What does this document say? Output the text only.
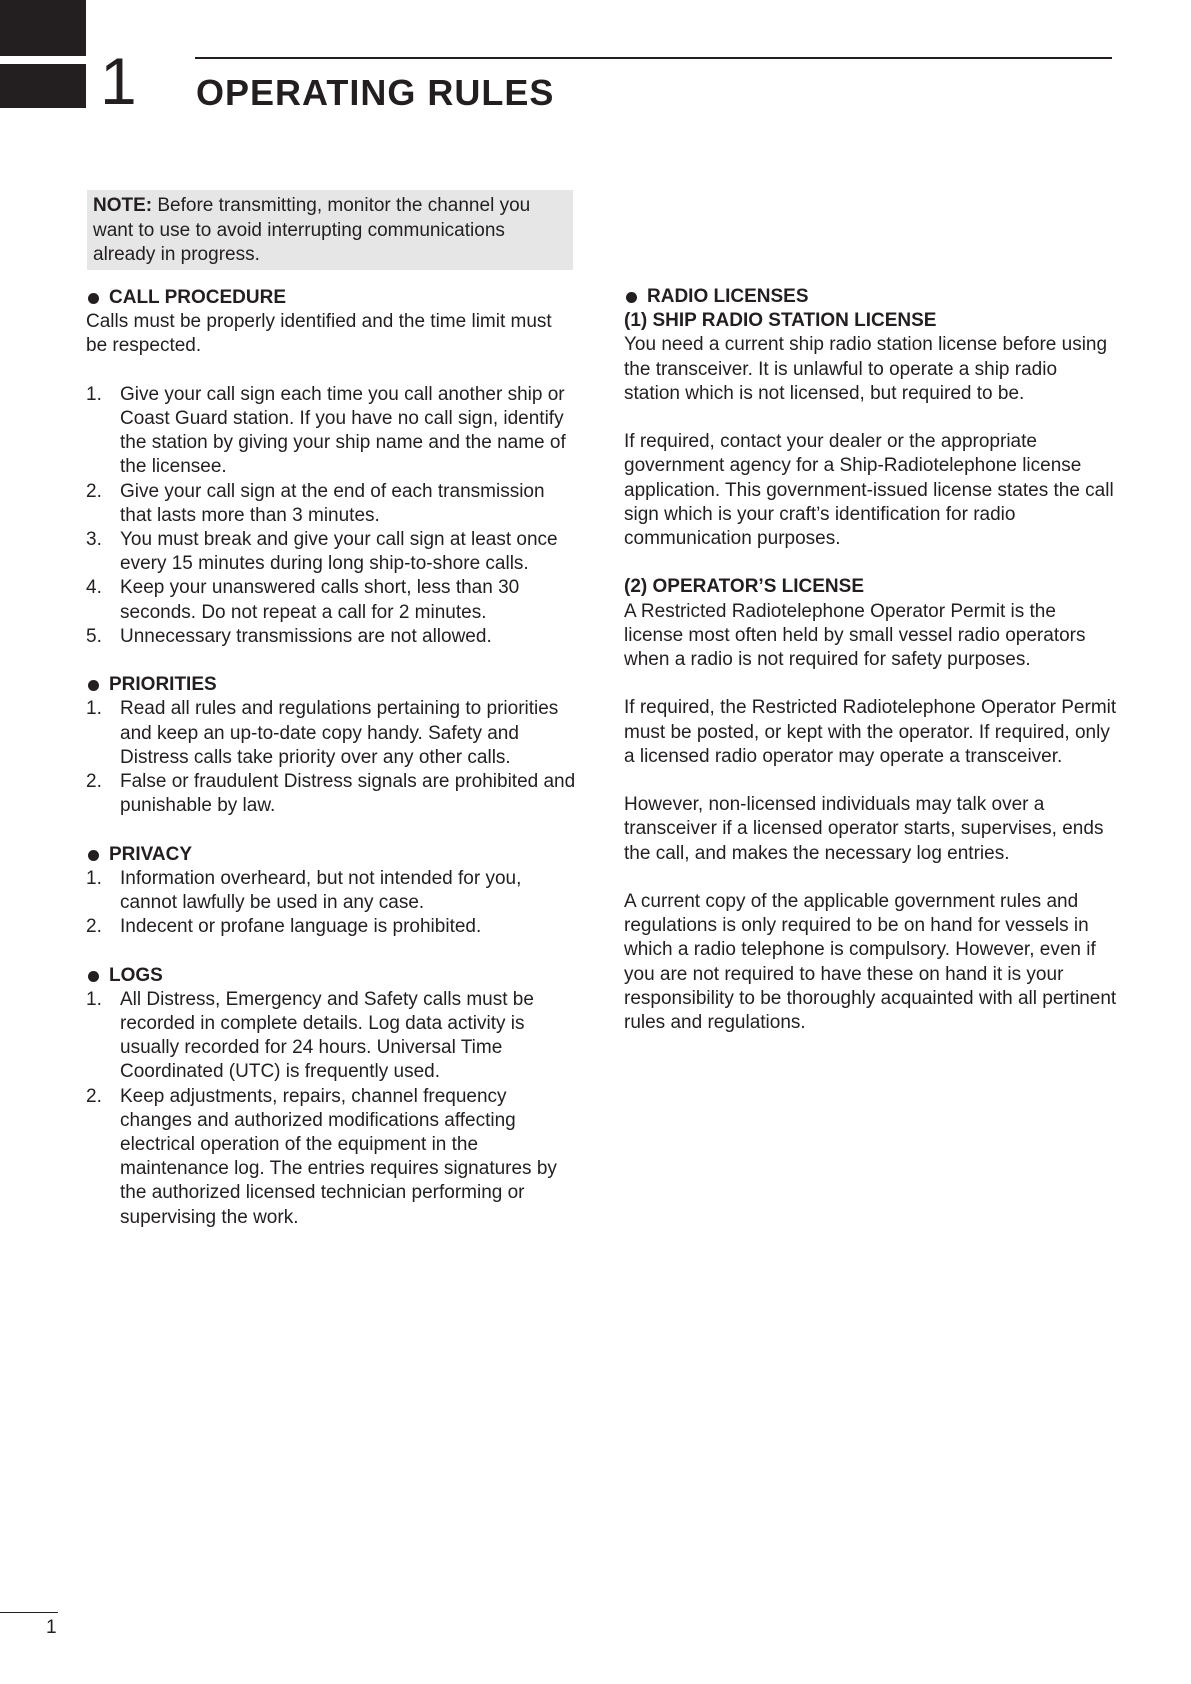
1 OPERATING RULES
NOTE: Before transmitting, monitor the channel you want to use to avoid interrupting communications already in progress.
CALL PROCEDURE

Calls must be properly identified and the time limit must be respected.

1. Give your call sign each time you call another ship or Coast Guard station. If you have no call sign, identify the station by giving your ship name and the name of the licensee.
2. Give your call sign at the end of each transmission that lasts more than 3 minutes.
3. You must break and give your call sign at least once every 15 minutes during long ship-to-shore calls.
4. Keep your unanswered calls short, less than 30 seconds. Do not repeat a call for 2 minutes.
5. Unnecessary transmissions are not allowed.
PRIORITIES
1. Read all rules and regulations pertaining to priorities and keep an up-to-date copy handy. Safety and Distress calls take priority over any other calls.
2. False or fraudulent Distress signals are prohibited and punishable by law.
PRIVACY
1. Information overheard, but not intended for you, cannot lawfully be used in any case.
2. Indecent or profane language is prohibited.
LOGS
1. All Distress, Emergency and Safety calls must be recorded in complete details. Log data activity is usually recorded for 24 hours. Universal Time Coordinated (UTC) is frequently used.
2. Keep adjustments, repairs, channel frequency changes and authorized modifications affecting electrical operation of the equipment in the maintenance log. The entries requires signatures by the authorized licensed technician performing or supervising the work.
RADIO LICENSES
(1) SHIP RADIO STATION LICENSE

You need a current ship radio station license before using the transceiver. It is unlawful to operate a ship radio station which is not licensed, but required to be.

If required, contact your dealer or the appropriate government agency for a Ship-Radiotelephone license application. This government-issued license states the call sign which is your craft’s identification for radio communication purposes.

(2) OPERATOR’S LICENSE

A Restricted Radiotelephone Operator Permit is the license most often held by small vessel radio operators when a radio is not required for safety purposes.

If required, the Restricted Radiotelephone Operator Permit must be posted, or kept with the operator. If required, only a licensed radio operator may operate a transceiver.

However, non-licensed individuals may talk over a transceiver if a licensed operator starts, supervises, ends the call, and makes the necessary log entries.

A current copy of the applicable government rules and regulations is only required to be on hand for vessels in which a radio telephone is compulsory. However, even if you are not required to have these on hand it is your responsibility to be thoroughly acquainted with all pertinent rules and regulations.

1
